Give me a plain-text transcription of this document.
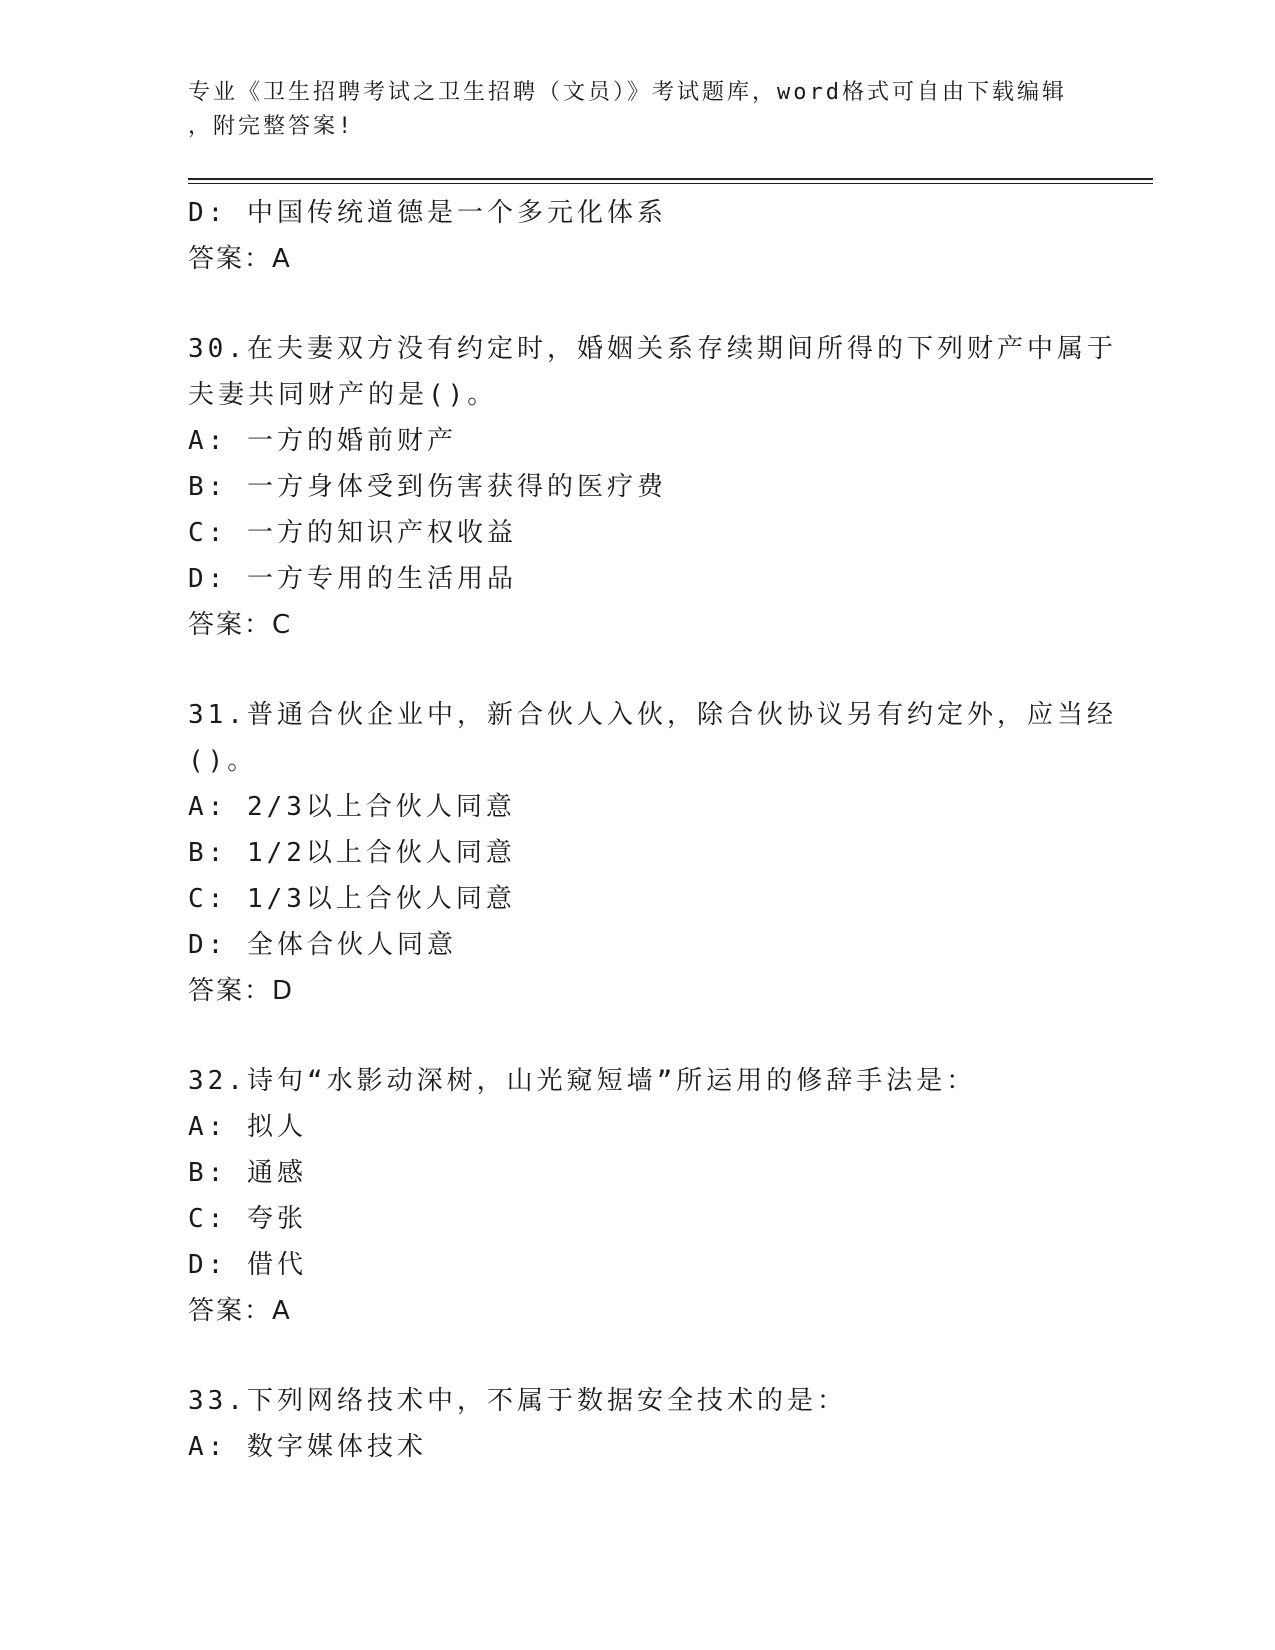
专业《卫生招聘考试之卫生招聘（文员）》考试题库，word格式可自由下载编辑
，附完整答案!

D: 中国传统道德是一个多元化体系

答案：A

30.在夫妻双方没有约定时，婚姻关系存续期间所得的下列财产中属于

夫妻共同财产的是()。

A: 一方的婚前财产

B: 一方身体受到伤害获得的医疗费

C: 一方的知识产权收益

D: 一方专用的生活用品

答案：C

31.普通合伙企业中，新合伙人入伙，除合伙协议另有约定外，应当经

()。

A: 2/3以上合伙人同意

B: 1/2以上合伙人同意

C: 1/3以上合伙人同意

D: 全体合伙人同意

答案：D

32.诗句“水影动深树，山光窥短墙”所运用的修辞手法是：

A: 拟人

B: 通感

C: 夸张

D: 借代

答案：A

33.下列网络技术中，不属于数据安全技术的是：

A: 数字媒体技术
